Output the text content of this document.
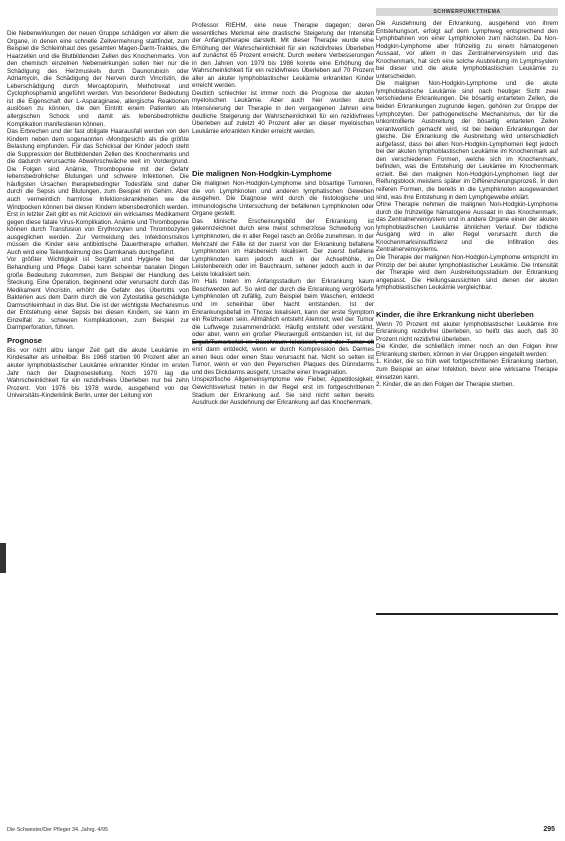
SCHWERPUNKTTHEMA

Die Nebenwirkungen der neuen Gruppe schädigen vor allem die Organe, in denen eine schnelle Zellvermehrung stattfindet, zum Beispiel die Schleimhaut des gesamten Magen-Darm-Traktes, die Haarzellen und die Blutbildenden Zellen des Knochenmarks. Von den chemisch einzelnen Nebenwirkungen sollen hier nur die Schädigung des Herzmuskels durch Daunorubicin oder Adriamycin, die Schädigung der Nerven durch Vincristin, die Leberschädigung durch Mercaptopurin, Methotrexat und Cyclophosphamid angeführt werden. Von besonderer Bedeutung ist die Eigenschaft der L-Asparaginase, allergische Reaktionen auslösen zu können, die den Eintritt einem Patienten als allergischen Schock und damit als lebensbedrohliche Komplikation manifestieren können.

Das Erbrechen und der fast obligate Haarausfall werden von den Kindern neben dem sogenannten ‹Mondgesicht› als die größte Belastung empfunden. Für das Schicksal der Kinder jedoch steht die Suppression der Blutbildenden Zellen des Knochenmarks und die dadurch verursachte Abwehrschwäche weit im Vordergrund. Die Folgen sind Anämie, Thrombopenie mit der Gefahr lebensbedrohlicher Blutungen und schwere Infektionen. Die häufigsten Ursachen therapiebedingter Todesfälle sind daher durch die Sepsis und Blutungen, zum Beispiel im Gehirn. Aber auch vermeintlich harmlose Infektionskrankheiten wie die Windpocken können bei diesen Kindern lebensbedrohlich werden. Erst in letzter Zeit gibt es mit Aciclovir ein wirksames Medikament gegen diese fatale Virus-Komplikation. Anämie und Thrombopenie können durch Transfusion von Erythrozyten und Thrombozyten ausgeglichen werden. Zur Vermeidung des Infektionsrisikos müssen die Kinder eine antibiotische Dauertherapie erhalten. Auch wird eine Teilentkeimung des Darmkanals durchgeführt.

Vor größter Wichtigkeit ist Sorgfalt und Hygiene bei der Behandlung und Pflege. Dabei kann scheinbar banalen Dingen große Bedeutung zukommen, zum Beispiel der Handlung des Steckung. Eine Operation, beginnend oder verursacht durch das Medikament Vincristin, erhöht die Gefahr des Übertritts von Bakterien aus dem Darm durch die von Zytostatika geschädigte Darmschleimhaut in das Blut. Die ist der wichtigste Mechanismus der Entstehung einer Sepsis bei diesen Kindern, sie kann im Einzelfall zu schweren Komplikationen, zum Beispiel zur Darmperforation, führen.

Prognose

Bis vor nicht allzu langer Zeit galt die akute Leukämie im Kindesalter als unheilbar. Bis 1968 starben 90 Prozent aller an akuter lymphoblastischer Leukämie erkrankter Kinder im ersten Jahr nach der Diagnosestellung. Noch 1970 lag die Wahrscheinlichkeit für ein rezidivfreies Überleben nur bei zehn Prozent. Von 1976 bis 1978 wurde, ausgehend von der Universitäts-Kinderklinik Berlin, unter der Leitung von

Professor RIEHM, eine neue Therapie dagegen; deren wesentliches Merkmal eine drastische Steigerung der Intensität der Anfangstherapie darstellt. Mit dieser Therapie wurde eine Erhöhung der Wahrscheinlichkeit für ein rezidivfreies Überleben auf zunächst 65 Prozent erreicht. Durch weitere Verbesserungen in den Jahren von 1979 bis 1986 konnte eine Erhöhung der Wahrscheinlichkeit für ein rezidivfreies Überleben auf 70 Prozent aller an akuter lymphoblastischer Leukämie erkrankten Kinder erreicht werden.

Deutlich schlechter ist immer noch die Prognose der akuten myeloischen Leukämie. Aber auch hier wurden durch Intensivierung der Therapie in den vergangenen Jahren eine deutliche Steigerung der Wahrscheinlichkeit für ein rezidivfreies Überleben auf zuletzt 40 Prozent aller an dieser myeloischen Leukämie erkrankten Kinder erreicht werden.

Die malignen Non-Hodgkin-Lymphome

Die malignen Non-Hodgkin-Lymphome sind bösartige Tumoren, die von Lymphknoten und anderen lymphatischen Geweben ausgehen. Die Diagnose wird durch die histologische und immunologische Untersuchung der befallenen Lymphknoten oder Organe gestellt.

Das klinische Erscheinungsbild der Erkrankung ist gekennzeichnet durch eine meist schmerzlose Schwellung von Lymphknoten, die in aller Regel rasch an Größe zunehmen. In der Mehrzahl der Fälle ist der zuerst von der Erkrankung befallene Lymphknoten im Halsbereich lokalisiert. Der zuerst befallene Lymphknoten kann jedoch auch in der Achselhöhle, im Leistenbereich oder im Bauchraum, seltener jedoch auch in der Leiste lokalisiert sein.

Im Hals treten im Anfangsstadium der Erkrankung kaum Beschwerden auf. So wird der durch die Erkrankung vergrößerte Lymphknoten oft zufällig, zum Beispiel beim Waschen, entdeckt und im scheinbar über Nacht entstanden. Ist der Erkrankungsbefall im Thorax lokalisiert, kann der erste Symptom ein Reizhusten sein. Allmählich entsteht Atemnot, weil der Tumor die Luftwege zusammendrückt. Häufig entsteht oder verstärkt, oder aber, wenn ein großer Pleuraerguß entstanden ist, ist der erst dann entdeckt, wenn er durch Kompression des Darmes einen Ileus oder einen Stau verursacht hat. Nicht so selten ist Tumor, wenn er von den Peyerschen Plaques des Dünndarms und des Dickdarms ausgeht, Ursache einer Invagination.

Unspezifische Allgemeinsymptome wie Fieber, Appetitlosigkeit, Gewichtsverlust treten in der Regel erst im fortgeschrittenen Stadium der Erkrankung auf. Sie sind nicht selten bereits Ausdruck der Ausdehnung der Erkrankung auf das Knochenmark.

Die Ausdehnung der Erkrankung, ausgehend von ihrem Entstehungsort, erfolgt auf dem Lymphweg entsprechend den Lymphbahnen von einer Lymphknoten zum nächsten. Da Non-Hodgkin-Lymphome aber frühzeitig zu einem hämatogenen Aussaat, vor allem in das Zentralnervensystem und das Knochenmark, hat sich eine solche Ausbreitung im Lymphsystem bei dieser und die akute lymphoblastischen Leukämie zu unterscheiden.

Die malignen Non-Hodgkin-Lymphome und die akute lymphoblastische Leukämie sind nach heutiger Sicht zwei verschiedene Erkrankungen. Die bösartig entarteten Zellen, die beiden Erkrankungen zugrunde liegen, gehören zur Gruppe der Lymphozyten. Der pathogenetische Mechanismus, der für die unkontrollierte Ausbreitung der bösartig entarteten Zellen verantwortlich gemacht wird, ist bei beiden Erkrankungen der gleiche. Die Erkrankung die Ausbreitung wird unterschiedlich aufgefasst, dass bei allen Non-Hodgkin-Lymphomen liegt jedoch bei der akuten lymphoblastischen Leukämie im Knochenmark auf den verschiedenen Formen, welche sich im Knochenmark, befinden, was die Entstehung der Leukämie im Knochenmark erzielt. Bei den malignen Non-Hodgkin-Lymphomen liegt der Reifungsblock meistens später im Differenzierungsprozeß. In den reiferen Formen, die bereits in die Lymphknoten ausgewandert sind, was ihre Entstehung in dem Lymphgewebe erklärt.

Ohne Therapie nehmen die malignen Non-Hodgkin-Lymphome durch die frühzeitige hämatogene Aussaat in das Knochenmark, das Zentralnervensystem und in andere Organe einen der akuten lymphoblastischen Leukämie ähnlichen Verlauf. Der tödliche Ausgang wird in aller Regel verursacht durch die Knochenmarksinsuffizienz und die Infiltration des Zentralnervensystems.

Die Therapie der malignen Non-Hodgkin-Lymphome entspricht im Prinzip der bei akuter lymphoblastischer Leukämie. Die Intensität der Therapie wird dem Ausbreitungsstadium der Erkrankung angepasst. Die Heilungsaussichten sind denen der akuten lymphoblastischen Leukämie vergleichbar.

Kinder, die ihre Erkrankung nicht überleben

Wenn 70 Prozent mit akuter lymphoblastischer Leukämie ihre Erkrankung rezidivfrei überleben, so heißt das auch, daß 30 Prozent nicht rezidivfrei überleben.

Die Kinder, die schließlich immer noch an den Folgen ihrer Erkrankung sterben, können in vier Gruppen eingeteilt werden:

1. Kinder, die so früh weit fortgeschrittenen Erkrankung sterben, zum Beispiel an einer Infektion, bevor eine wirksame Therapie einsetzen kann.

2. Kinder, die an den Folgen der Therapie sterben.

Die Schwester/Der Pfleger 34. Jahrg. 4/95	295
